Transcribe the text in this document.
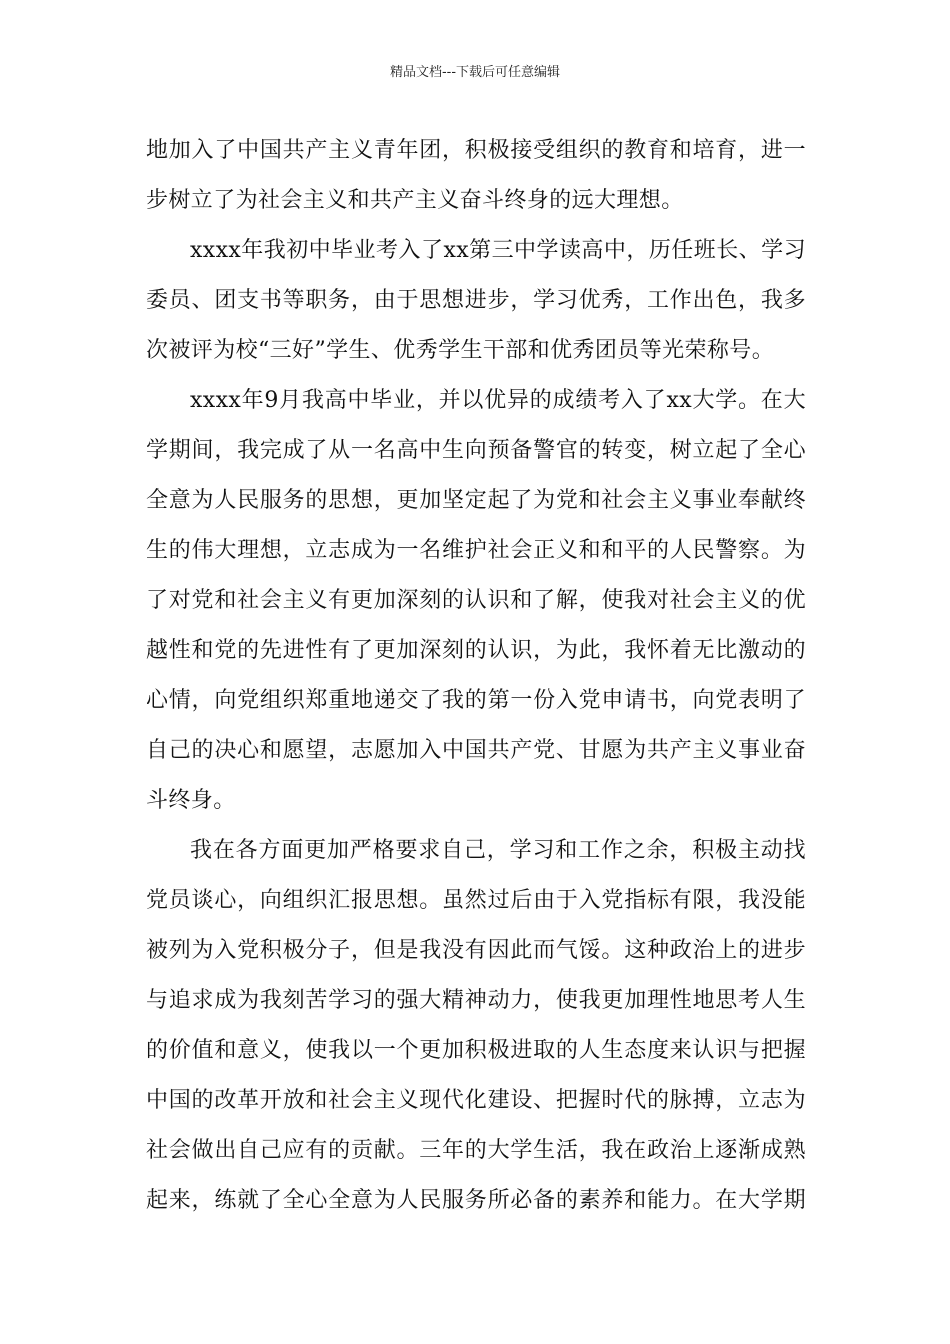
精品文档---下载后可任意编辑
地加入了中国共产主义青年团，积极接受组织的教育和培育，进一
步树立了为社会主义和共产主义奋斗终身的远大理想。
xxxx年我初中毕业考入了xx第三中学读高中，历任班长、学习
委员、团支书等职务，由于思想进步，学习优秀，工作出色，我多
次被评为校“三好”学生、优秀学生干部和优秀团员等光荣称号。
xxxx年9月我高中毕业，并以优异的成绩考入了xx大学。在大
学期间，我完成了从一名高中生向预备警官的转变，树立起了全心
全意为人民服务的思想，更加坚定起了为党和社会主义事业奉献终
生的伟大理想，立志成为一名维护社会正义和和平的人民警察。为
了对党和社会主义有更加深刻的认识和了解，使我对社会主义的优
越性和党的先进性有了更加深刻的认识，为此，我怀着无比激动的
心情，向党组织郑重地递交了我的第一份入党申请书，向党表明了
自己的决心和愿望，志愿加入中国共产党、甘愿为共产主义事业奋
斗终身。
我在各方面更加严格要求自己，学习和工作之余，积极主动找
党员谈心，向组织汇报思想。虽然过后由于入党指标有限，我没能
被列为入党积极分子，但是我没有因此而气馁。这种政治上的进步
与追求成为我刻苦学习的强大精神动力，使我更加理性地思考人生
的价值和意义，使我以一个更加积极进取的人生态度来认识与把握
中国的改革开放和社会主义现代化建设、把握时代的脉搏，立志为
社会做出自己应有的贡献。三年的大学生活，我在政治上逐渐成熟
起来，练就了全心全意为人民服务所必备的素养和能力。在大学期
